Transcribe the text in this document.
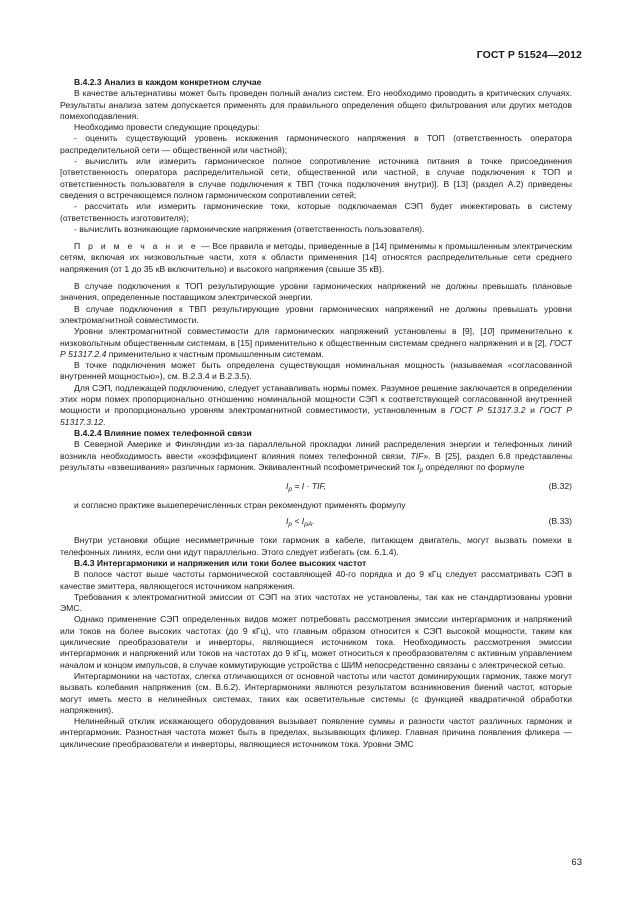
ГОСТ Р 51524—2012
В.4.2.3 Анализ в каждом конкретном случае

В качестве альтернативы может быть проведен полный анализ систем. Его необходимо проводить в критических случаях. Результаты анализа затем допускается применять для правильного определения общего фильтрования или других методов помехоподавления.

Необходимо провести следующие процедуры:

- оценить существующий уровень искажения гармонического напряжения в ТОП (ответственность оператора распределительной сети — общественной или частной);

- вычислить или измерить гармоническое полное сопротивление источника питания в точке присоединения [ответственность оператора распределительной сети, общественной или частной, в случае подключения к ТОП и ответственность пользователя в случае подключения к ТВП (точка подключения внутри)]. В [13] (раздел А.2) приведены сведения о встречающемся полном гармоническом сопротивлении сетей;

- рассчитать или измерить гармонические токи, которые подключаемая СЭП будет инжектировать в систему (ответственность изготовителя);

- вычислить возникающие гармонические напряжения (ответственность пользователя).

П р и м е ч а н и е — Все правила и методы, приведенные в [14] применимы к промышленным электрическим сетям, включая их низковольтные части, хотя к области применения [14] относятся распределительные сети среднего напряжения (от 1 до 35 кВ включительно) и высокого напряжения (свыше 35 кВ).

В случае подключения к ТОП результирующие уровни гармонических напряжений не должны превышать плановые значения, определенные поставщиком электрической энергии.

В случае подключения к ТВП результирующие уровни гармонических напряжений не должны превышать уровни электромагнитной совместимости.

Уровни электромагнитной совместимости для гармонических напряжений установлены в [9], [10] применительно к низковольтным общественным системам, в [15] применительно к общественным системам среднего напряжения и в [2], ГОСТ Р 51317.2.4 применительно к частным промышленным системам.

В точке подключения может быть определена существующая номинальная мощность (называемая «согласованной внутренней мощностью»), см. В.2.3.4 и В.2.3.5).

Для СЭП, подлежащей подключению, следует устанавливать нормы помех. Разумное решение заключается в определении этих норм помех пропорционально отношению номинальной мощности СЭП к соответствующей согласованной внутренней мощности и пропорционально уровням электромагнитной совместимости, установленным в ГОСТ Р 51317.3.2 и ГОСТ Р 51317.3.12.

В.4.2.4 Влияние помех телефонной связи

В Северной Америке и Финляндии из-за параллельной прокладки линий распределения энергии и телефонных линий возникла необходимость ввести «коэффициент влияния помех телефонной связи, TIF». В [25], раздел 6.8 представлены результаты «взвешивания» различных гармоник. Эквивалентный псофометрический ток $I_p$ определяют по формуле

$I_p = I$ · TIF,	(B.32)

и согласно практике вышеперечисленных стран рекомендуют применять формулу

$I_p < I_{pA}$.	(B.33)

Внутри установки общие несимметричные токи гармоник в кабеле, питающем двигатель, могут вызвать помехи в телефонных линиях, если они идут параллельно. Этого следует избегать (см. 6.1.4).

В.4.3 Интергармоники и напряжения или токи более высоких частот

В полосе частот выше частоты гармонической составляющей 40-го порядка и до 9 кГц следует рассматривать СЭП в качестве эмиттера, являющегося источником напряжения.

Требования к электромагнитной эмиссии от СЭП на этих частотах не установлены, так как не стандартизованы уровни ЭМС.

Однако применение СЭП определенных видов может потребовать рассмотрения эмиссии интергармоник и напряжений или токов на более высоких частотах (до 9 кГц), что главным образом относится к СЭП высокой мощности, таким как циклические преобразователи и инверторы, являющиеся источником тока. Необходимость рассмотрения эмиссии интергармоник и напряжений или токов на частотах до 9 кГц, может относиться к преобразователям с активным управлением началом и концом импульсов, в случае коммутирующие устройства с ШИМ непосредственно связаны с электрической сетью.

Интергармоники на частотах, слегка отличающихся от основной частоты или частот доминирующих гармоник, также могут вызвать колебания напряжения (см. В.6.2). Интергармоники являются результатом возникновения биений частот, которые могут иметь место в нелинейных системах, таких как осветительные системы (с функцией квадратичной обработки напряжения).

Нелинейный отклик искажающего оборудования вызывает появление суммы и разности частот различных гармоник и интергармоник. Разностная частота может быть в пределах, вызывающих фликер. Главная причина появления фликера — циклические преобразователи и инверторы, являющиеся источником тока. Уровни ЭМС

63
